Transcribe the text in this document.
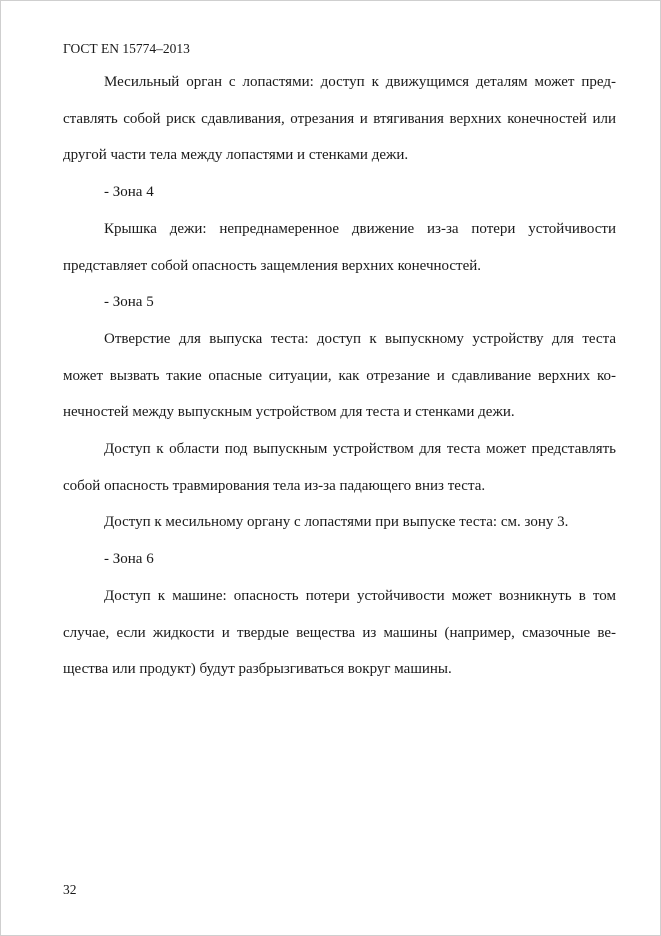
ГОСТ EN 15774–2013

Месильный орган с лопастями: доступ к движущимся деталям может представлять собой риск сдавливания, отрезания и втягивания верхних конечностей или другой части тела между лопастями и стенками дежи.

- Зона 4

Крышка дежи: непреднамеренное движение из-за потери устойчивости представляет собой опасность защемления верхних конечностей.

- Зона 5

Отверстие для выпуска теста: доступ к выпускному устройству для теста может вызвать такие опасные ситуации, как отрезание и сдавливание верхних конечностей между выпускным устройством для теста и стенками дежи.

Доступ к области под выпускным устройством для теста может представлять собой опасность травмирования тела из-за падающего вниз теста.

Доступ к месильному органу с лопастями при выпуске теста: см. зону 3.

- Зона 6

Доступ к машине: опасность потери устойчивости может возникнуть в том случае, если жидкости и твердые вещества из машины (например, смазочные вещества или продукт) будут разбрызгиваться вокруг машины.

32
